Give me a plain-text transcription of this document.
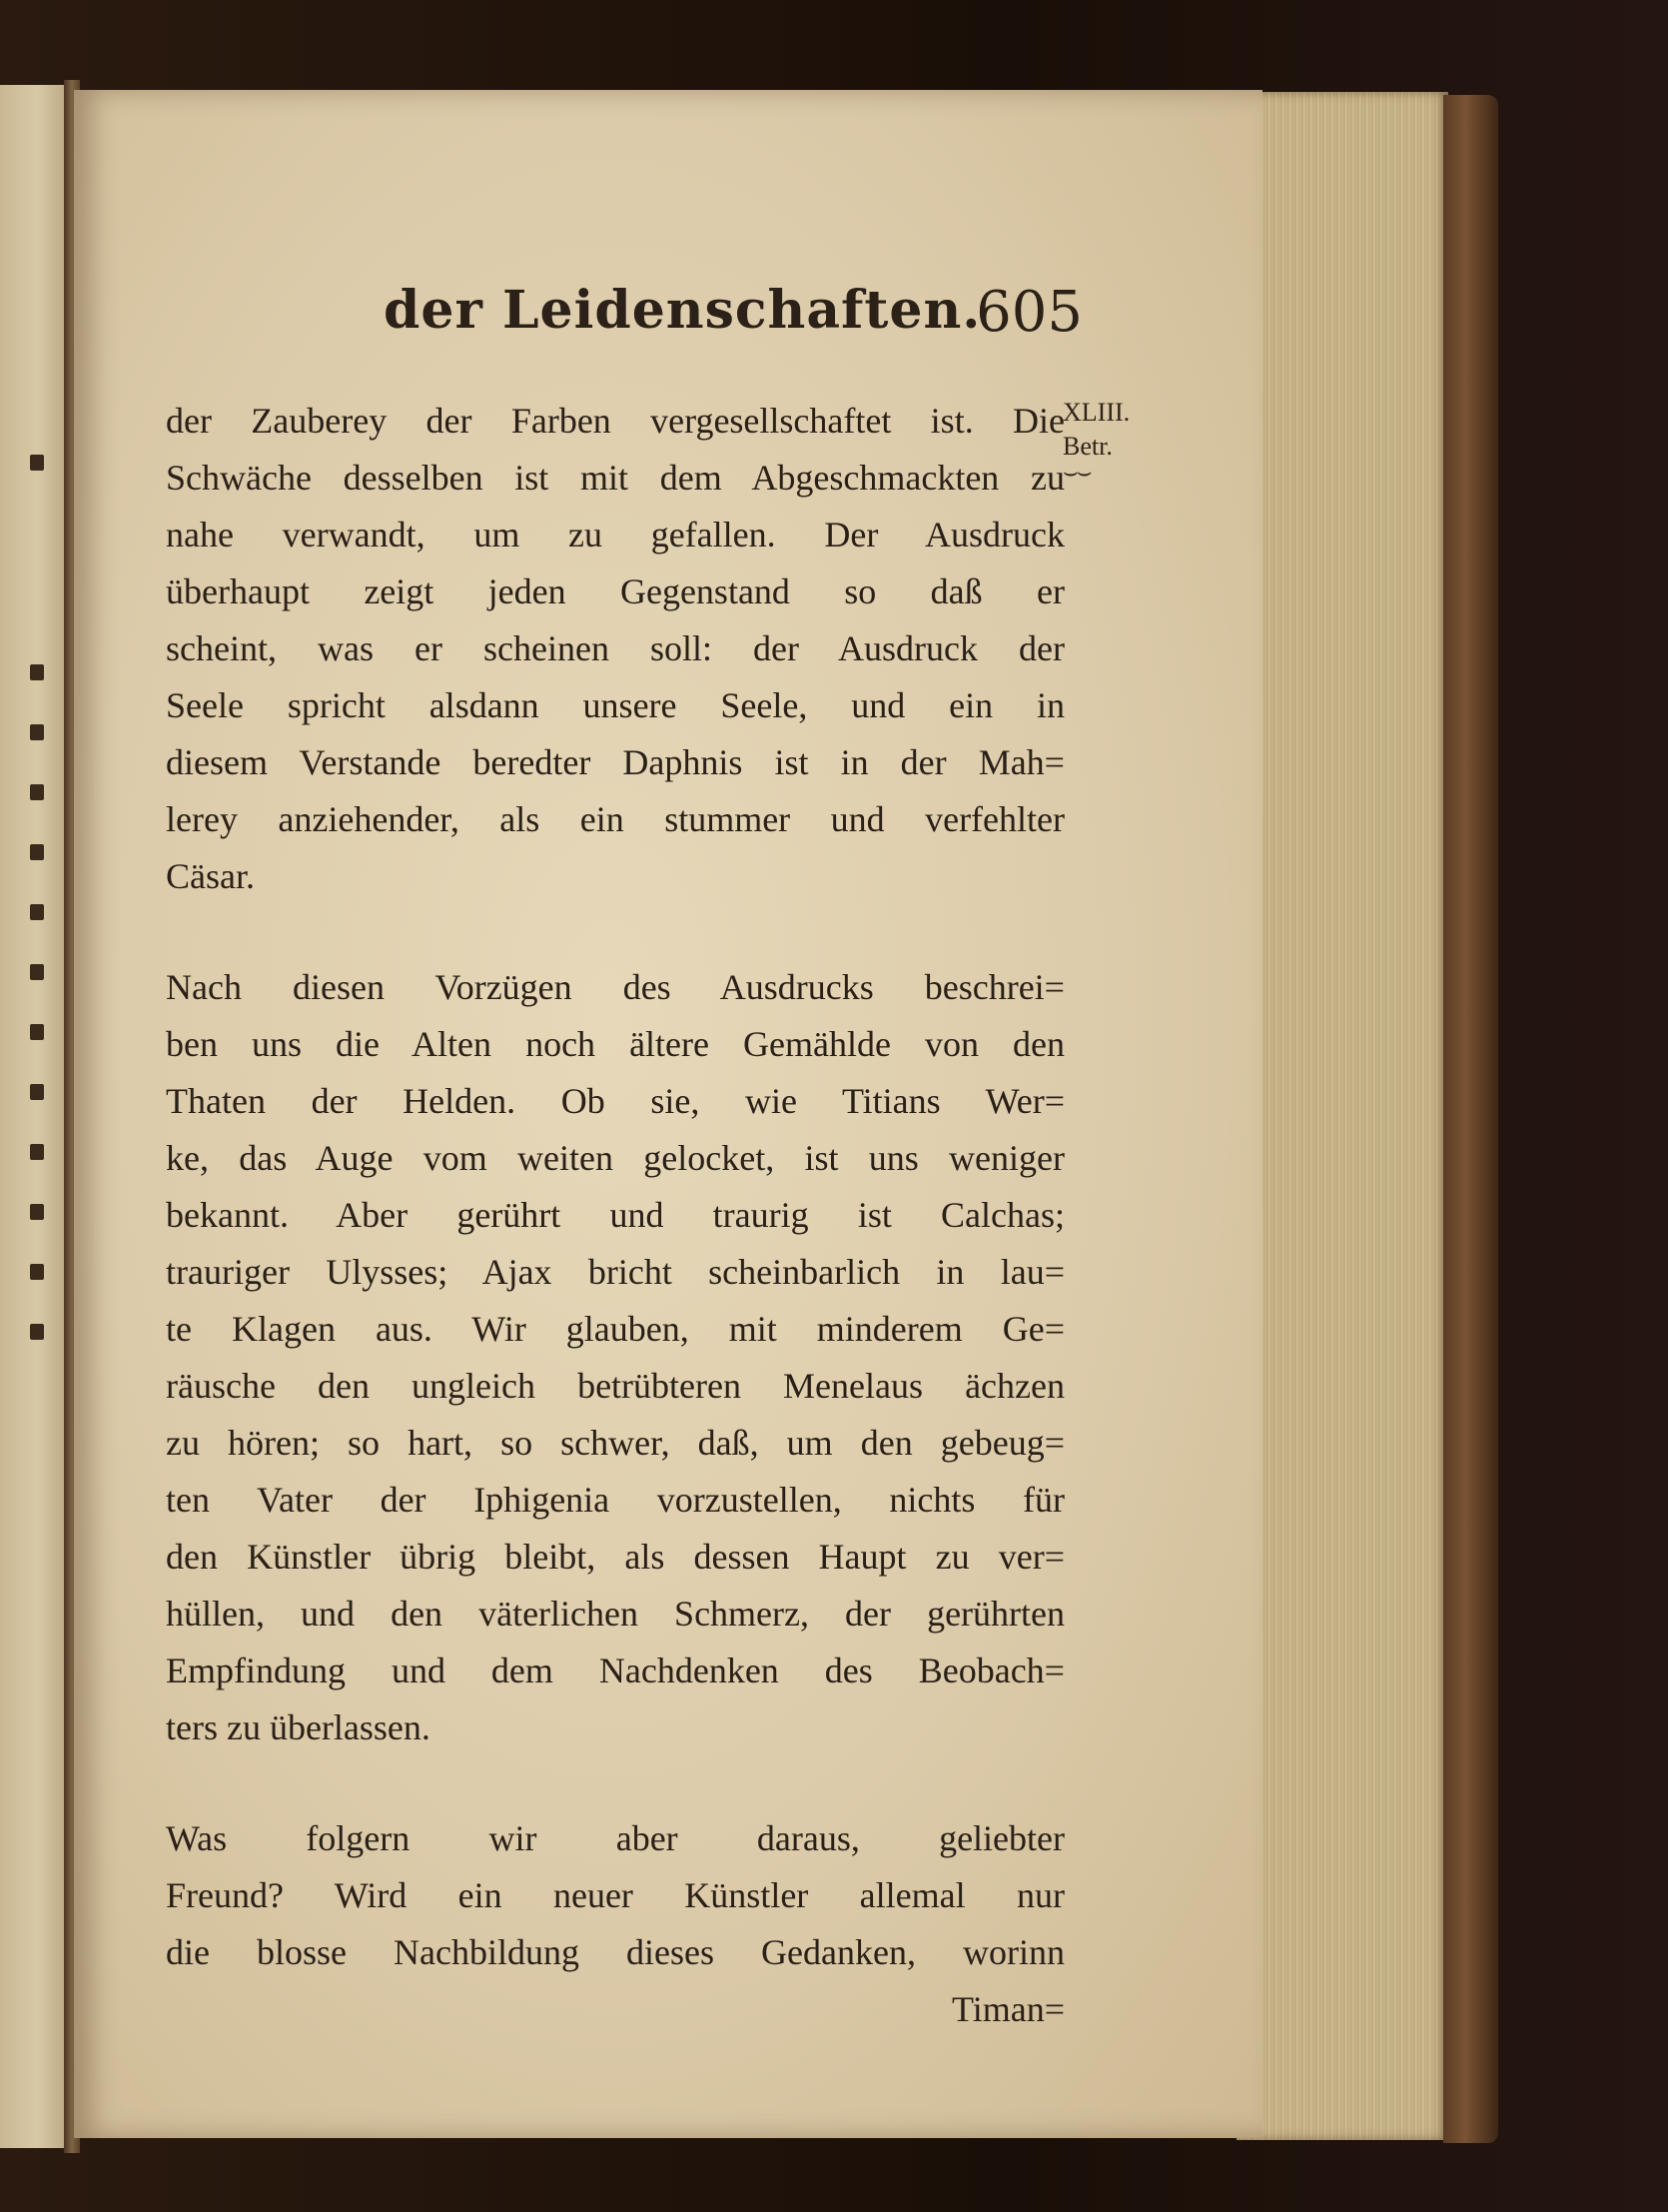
der Leidenschaften.
605
XLIII.
Betr.
⌣⌣
der Zauberey der Farben vergesellschaftet ist. Die
Schwäche desselben ist mit dem Abgeschmackten zu
nahe verwandt, um zu gefallen. Der Ausdruck
überhaupt zeigt jeden Gegenstand so daß er
scheint, was er scheinen soll: der Ausdruck der
Seele spricht alsdann unsere Seele, und ein in
diesem Verstande beredter Daphnis ist in der Mah=
lerey anziehender, als ein stummer und verfehlter
Cäsar.
Nach diesen Vorzügen des Ausdrucks beschrei=
ben uns die Alten noch ältere Gemählde von den
Thaten der Helden. Ob sie, wie Titians Wer=
ke, das Auge vom weiten gelocket, ist uns weniger
bekannt. Aber gerührt und traurig ist Calchas;
trauriger Ulysses; Ajax bricht scheinbarlich in lau=
te Klagen aus. Wir glauben, mit minderem Ge=
räusche den ungleich betrübteren Menelaus ächzen
zu hören; so hart, so schwer, daß, um den gebeug=
ten Vater der Iphigenia vorzustellen, nichts für
den Künstler übrig bleibt, als dessen Haupt zu ver=
hüllen, und den väterlichen Schmerz, der gerührten
Empfindung und dem Nachdenken des Beobach=
ters zu überlassen.
Was folgern wir aber daraus, geliebter
Freund? Wird ein neuer Künstler allemal nur
die blosse Nachbildung dieses Gedanken, worinn
Timan=
